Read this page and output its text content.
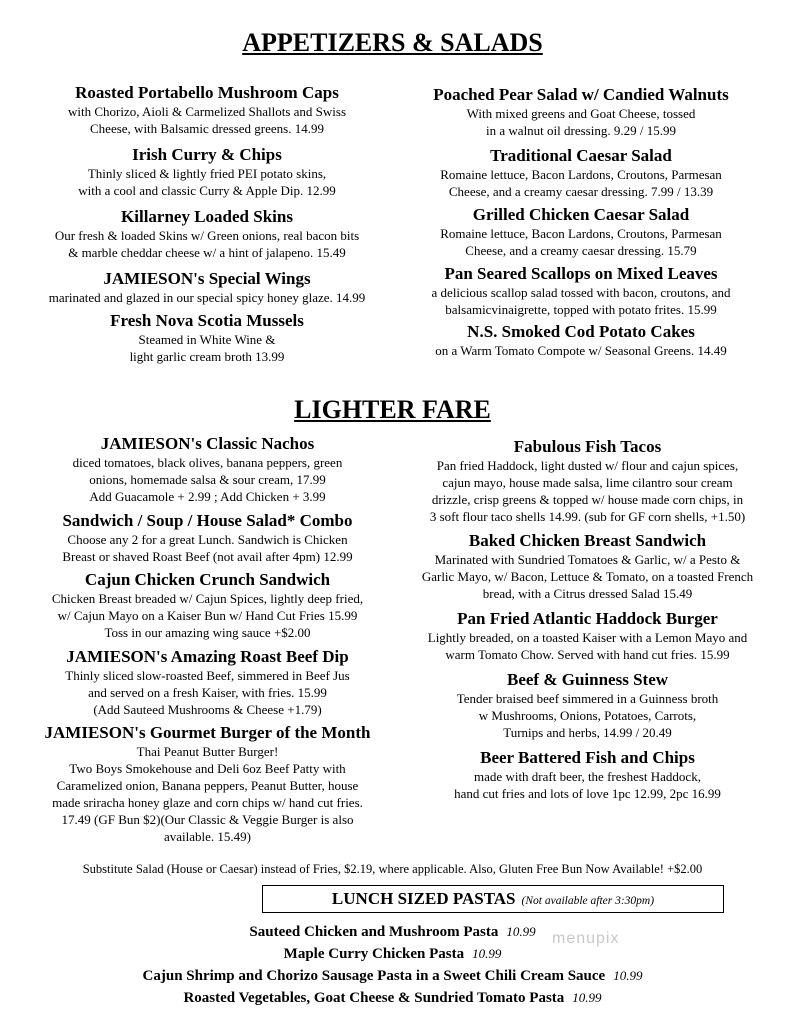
APPETIZERS & SALADS
Roasted Portabello Mushroom Caps
with Chorizo, Aioli & Carmelized Shallots and Swiss
Cheese, with Balsamic dressed greens. 14.99
Irish Curry & Chips
Thinly sliced & lightly fried PEI potato skins,
with a cool and classic Curry & Apple Dip. 12.99
Killarney Loaded Skins
Our fresh & loaded Skins w/ Green onions, real bacon bits
& marble cheddar cheese w/ a hint of jalapeno. 15.49
JAMIESON's Special Wings
marinated and glazed in our special spicy honey glaze. 14.99
Fresh Nova Scotia Mussels
Steamed in White Wine &
light garlic cream broth 13.99
Poached Pear Salad w/ Candied Walnuts
With mixed greens and Goat Cheese, tossed
in a walnut oil dressing. 9.29 / 15.99
Traditional Caesar Salad
Romaine lettuce, Bacon Lardons, Croutons, Parmesan
Cheese, and a creamy caesar dressing. 7.99 / 13.39
Grilled Chicken Caesar Salad
Romaine lettuce, Bacon Lardons, Croutons, Parmesan
Cheese, and a creamy caesar dressing. 15.79
Pan Seared Scallops on Mixed Leaves
a delicious scallop salad tossed with bacon, croutons, and
balsamicvinaigrette, topped with potato frites. 15.99
N.S. Smoked Cod Potato Cakes
on a Warm Tomato Compote w/ Seasonal Greens. 14.49
LIGHTER FARE
JAMIESON's Classic Nachos
diced tomatoes, black olives, banana peppers, green
onions, homemade salsa & sour cream, 17.99
Add Guacamole + 2.99 ; Add Chicken + 3.99
Sandwich / Soup / House Salad* Combo
Choose any 2 for a great Lunch. Sandwich is Chicken
Breast or shaved Roast Beef (not avail after 4pm) 12.99
Cajun Chicken Crunch Sandwich
Chicken Breast breaded w/ Cajun Spices, lightly deep fried,
w/ Cajun Mayo on a Kaiser Bun w/ Hand Cut Fries 15.99
Toss in our amazing wing sauce +$2.00
JAMIESON's Amazing Roast Beef Dip
Thinly sliced slow-roasted Beef, simmered in Beef Jus
and served on a fresh Kaiser, with fries. 15.99
(Add Sauteed Mushrooms & Cheese +1.79)
JAMIESON's Gourmet Burger of the Month
Thai Peanut Butter Burger!
Two Boys Smokehouse and Deli 6oz Beef Patty with
Caramelized onion, Banana peppers, Peanut Butter, house
made sriracha honey glaze and corn chips w/ hand cut fries.
17.49 (GF Bun $2)(Our Classic & Veggie Burger is also
available. 15.49)
Fabulous Fish Tacos
Pan fried Haddock, light dusted w/ flour and cajun spices,
cajun mayo, house made salsa, lime cilantro sour cream
drizzle, crisp greens & topped w/ house made corn chips, in
3 soft flour taco shells 14.99. (sub for GF corn shells, +1.50)
Baked Chicken Breast Sandwich
Marinated with Sundried Tomatoes & Garlic, w/ a Pesto &
Garlic Mayo, w/ Bacon, Lettuce & Tomato, on a toasted French
bread, with a Citrus dressed Salad 15.49
Pan Fried Atlantic Haddock Burger
Lightly breaded, on a toasted Kaiser with a Lemon Mayo and
warm Tomato Chow. Served with hand cut fries. 15.99
Beef & Guinness Stew
Tender braised beef simmered in a Guinness broth
w Mushrooms, Onions, Potatoes, Carrots,
Turnips and herbs, 14.99 / 20.49
Beer Battered Fish and Chips
made with draft beer, the freshest Haddock,
hand cut fries and lots of love 1pc 12.99, 2pc 16.99
Substitute Salad (House or Caesar) instead of Fries, $2.19, where applicable. Also, Gluten Free Bun Now Available! +$2.00
LUNCH SIZED PASTAS (Not available after 3:30pm)
Sauteed Chicken and Mushroom Pasta 10.99
Maple Curry Chicken Pasta 10.99
Cajun Shrimp and Chorizo Sausage Pasta in a Sweet Chili Cream Sauce 10.99
Roasted Vegetables, Goat Cheese & Sundried Tomato Pasta 10.99
menupix
